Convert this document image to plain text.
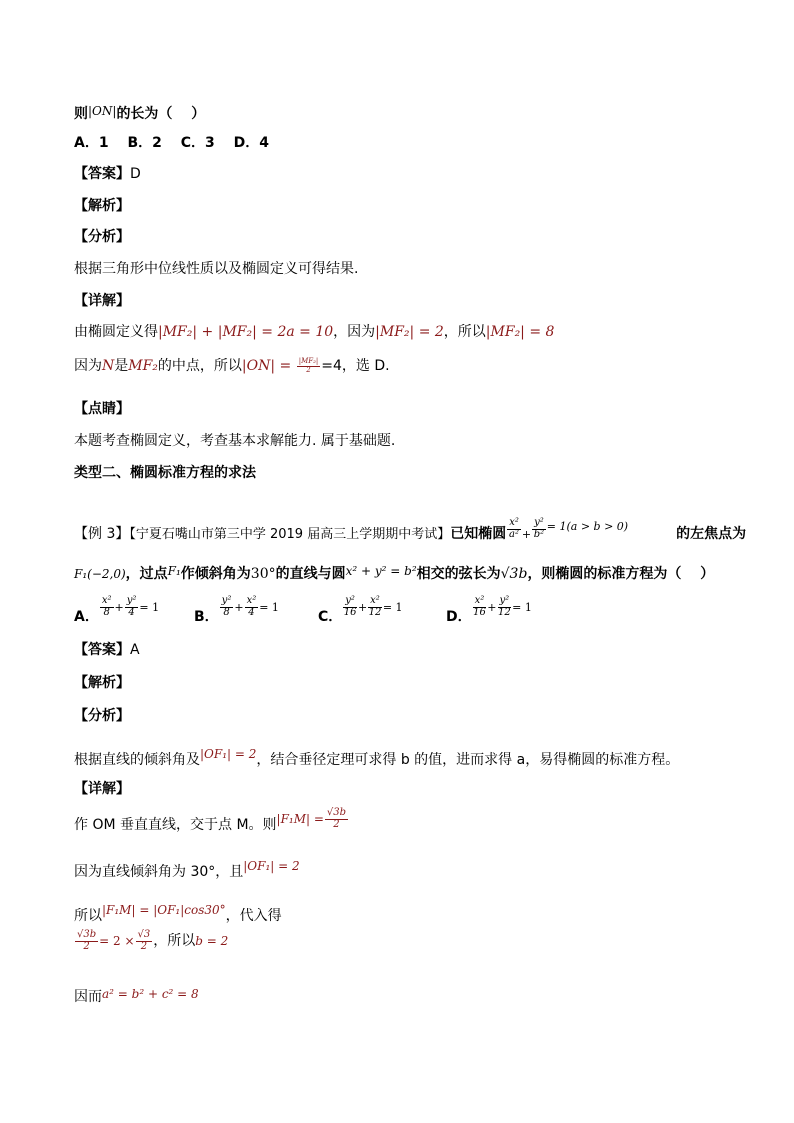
则|ON|的长为（　 ）
A．1　 B．2　 C．3　 D．4
【答案】D
【解析】
【分析】
根据三角形中位线性质以及椭圆定义可得结果.
【详解】
由椭圆定义得|MF₂| + |MF₂| = 2a = 10，因为|MF₂| = 2，所以|MF₂| = 8
因为N是MF₂的中点，所以$|ON| = \frac{\text{|MF₂|}}{2} =4$，选 D.
【点睛】
本题考查椭圆定义，考查基本求解能力. 属于基础题.
类型二、椭圆标准方程的求法
【例 3】【宁夏石嘴山市第三中学 2019 届高三上学期期中考试】已知椭圆 $\frac{\text{x²}}{\text{a²}} + \frac{\text{y²}}{\text{b²}} ^{= 1(a > b > 0)}$	的左焦点为
F₁(−2,0)，过点F₁作倾斜角为30°的直线与圆x² + y² = b²相交的弦长为√3b，则椭圆的标准方程为（　 ）
A． $\frac{\text{x²}}{8} + \frac{\text{y²}}{4} = 1$
B． $\frac{\text{y²}}{8} + \frac{\text{x²}}{4} = 1$
C． $\frac{\text{y²}}{16} + \frac{\text{x²}}{12} = 1$
D． $\frac{\text{x²}}{16} + \frac{\text{y²}}{12} = 1$
【答案】A
【解析】
【分析】
根据直线的倾斜角及|OF₁| = 2，结合垂径定理可求得 b 的值，进而求得 a，易得椭圆的标准方程。
【详解】
作 OM 垂直直线，交于点 M。则$|F_1M| = \frac{√3b}{2}$
因为直线倾斜角为 30°，且|OF₁| = 2
所以|F₁M| = |OF₁|cos30°，代入得
$\frac{√3b}{2} = 2 \times \frac{√3}{2}$ ，所以b = 2
因而a² = b² + c² = 8
